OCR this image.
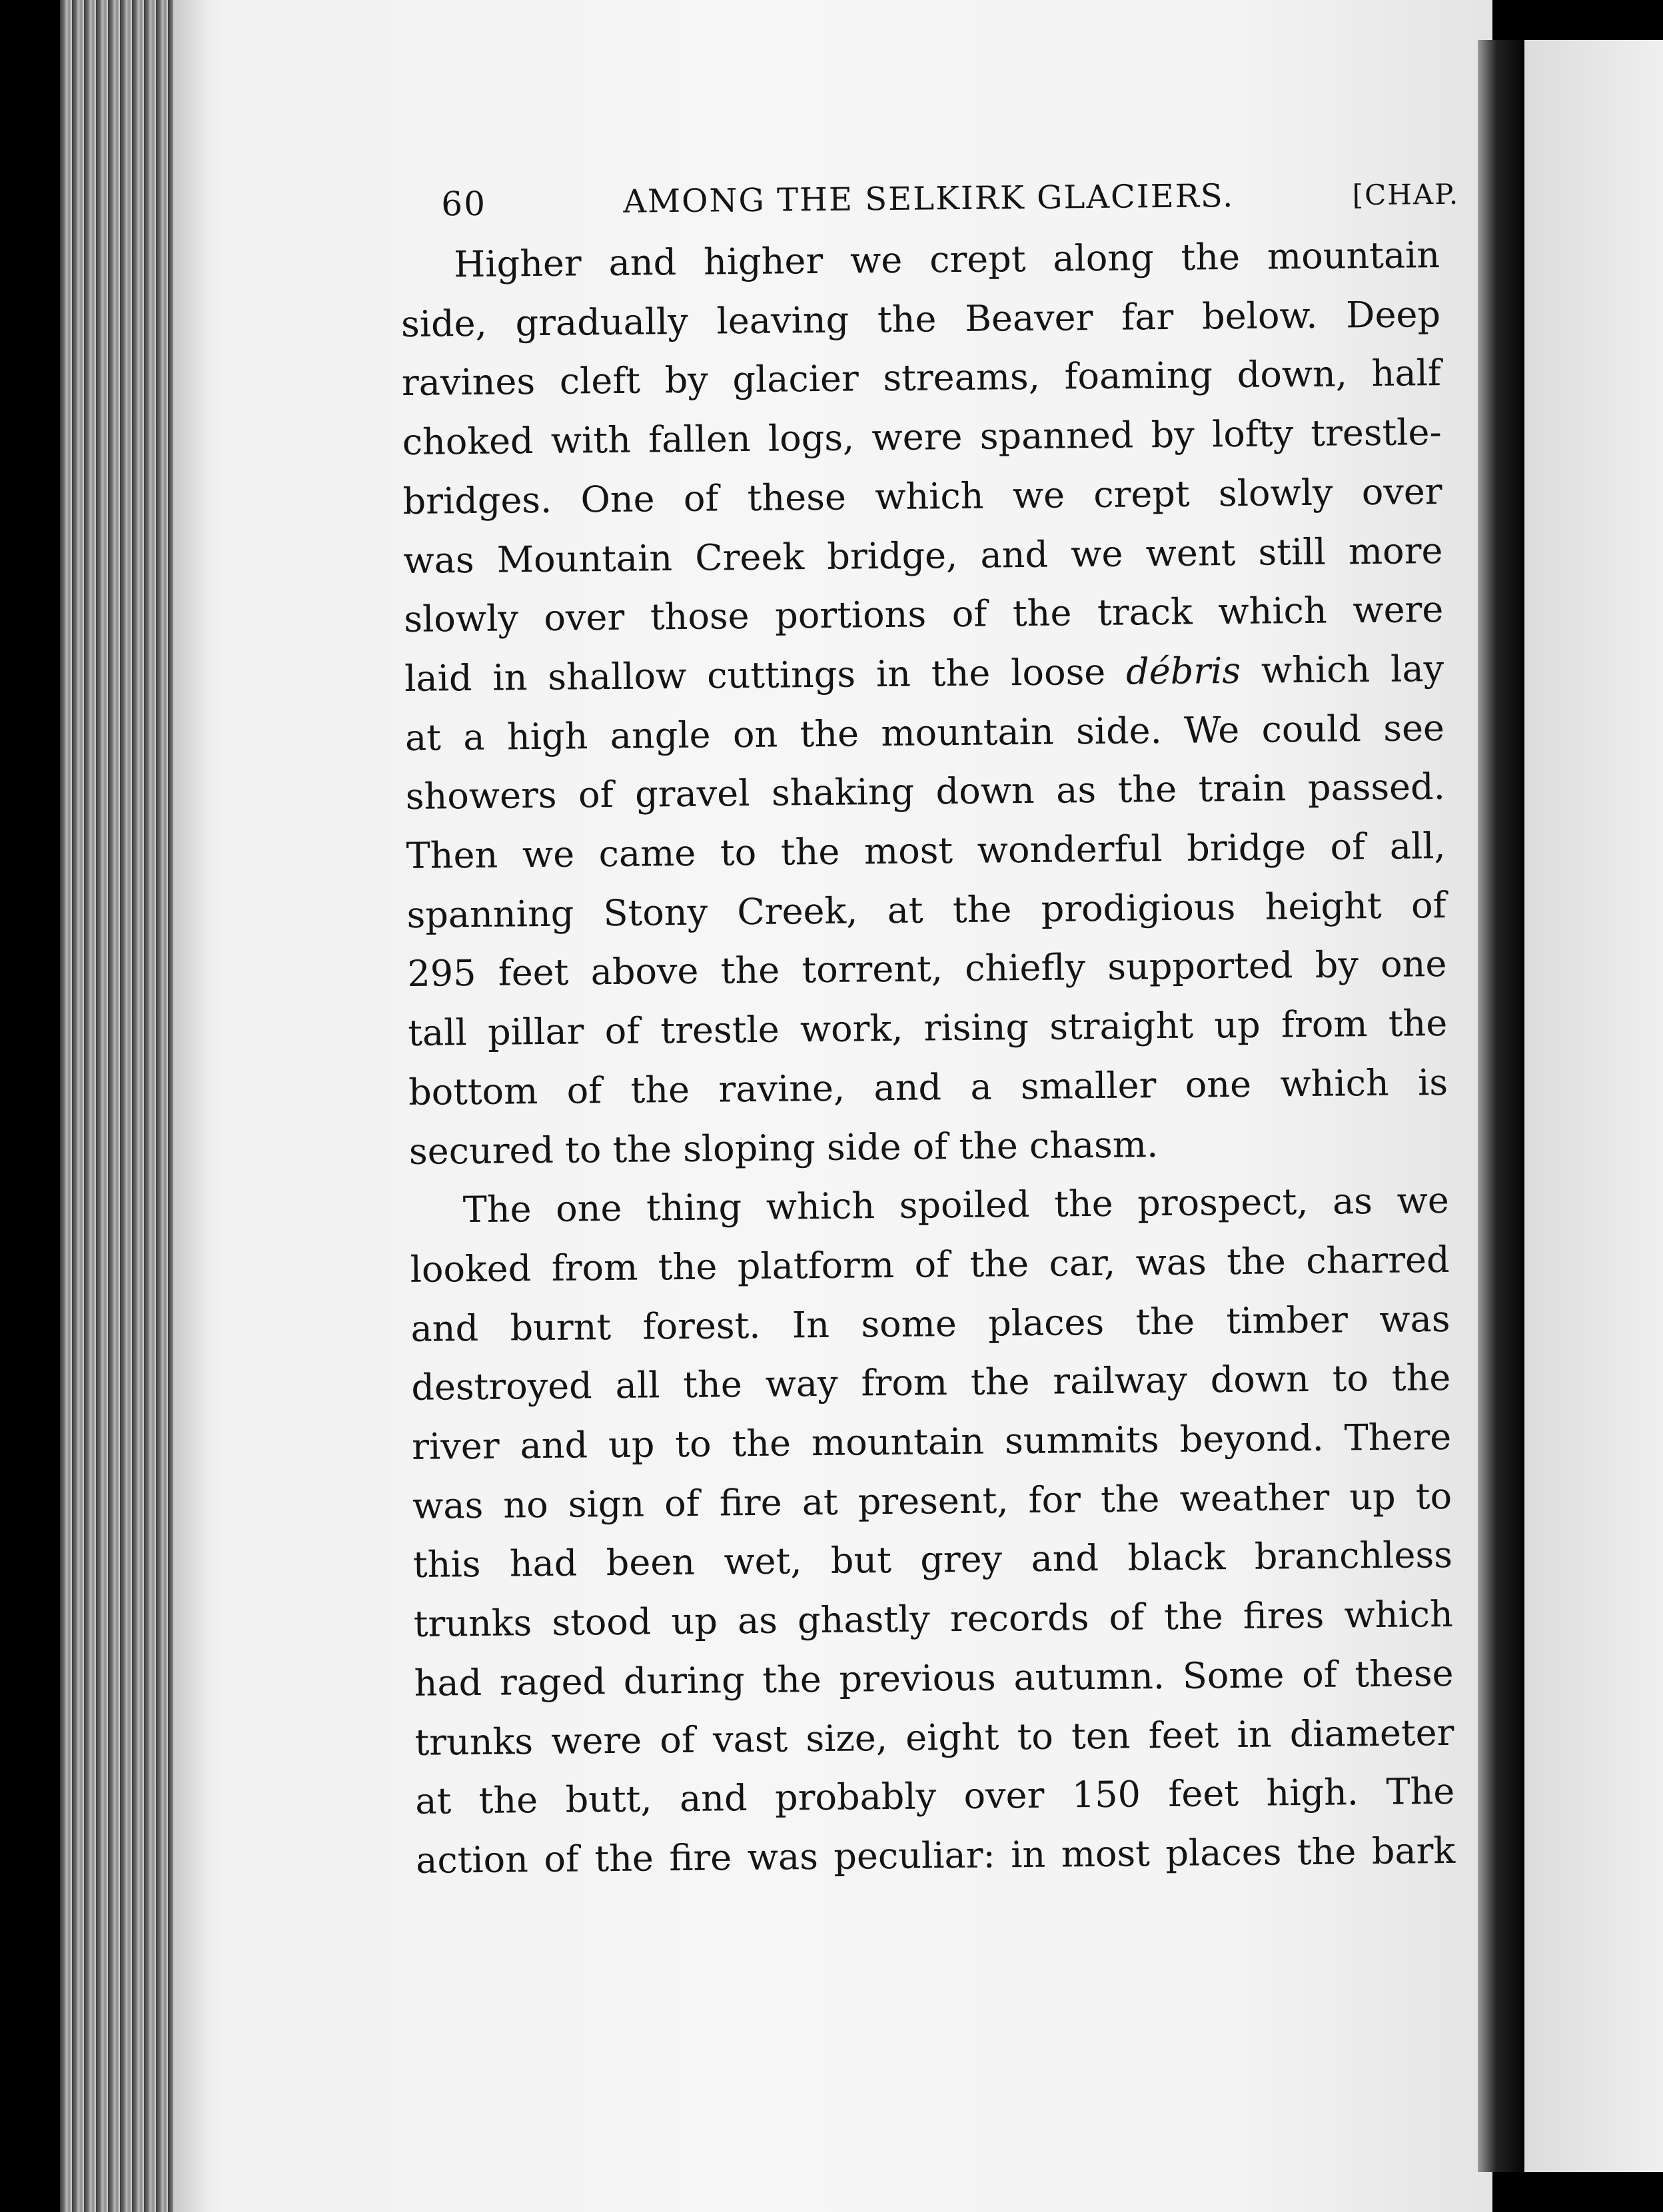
60	AMONG THE SELKIRK GLACIERS.	[CHAP.
Higher and higher we crept along the mountain
side, gradually leaving the Beaver far below. Deep
ravines cleft by glacier streams, foaming down, half
choked with fallen logs, were spanned by lofty trestle-
bridges. One of these which we crept slowly over
was Mountain Creek bridge, and we went still more
slowly over those portions of the track which were
laid in shallow cuttings in the loose débris which lay
at a high angle on the mountain side. We could see
showers of gravel shaking down as the train passed.
Then we came to the most wonderful bridge of all,
spanning Stony Creek, at the prodigious height of
295 feet above the torrent, chiefly supported by one
tall pillar of trestle work, rising straight up from the
bottom of the ravine, and a smaller one which is
secured to the sloping side of the chasm.
The one thing which spoiled the prospect, as we
looked from the platform of the car, was the charred
and burnt forest. In some places the timber was
destroyed all the way from the railway down to the
river and up to the mountain summits beyond. There
was no sign of fire at present, for the weather up to
this had been wet, but grey and black branchless
trunks stood up as ghastly records of the fires which
had raged during the previous autumn. Some of these
trunks were of vast size, eight to ten feet in diameter
at the butt, and probably over 150 feet high. The
action of the fire was peculiar: in most places the bark
